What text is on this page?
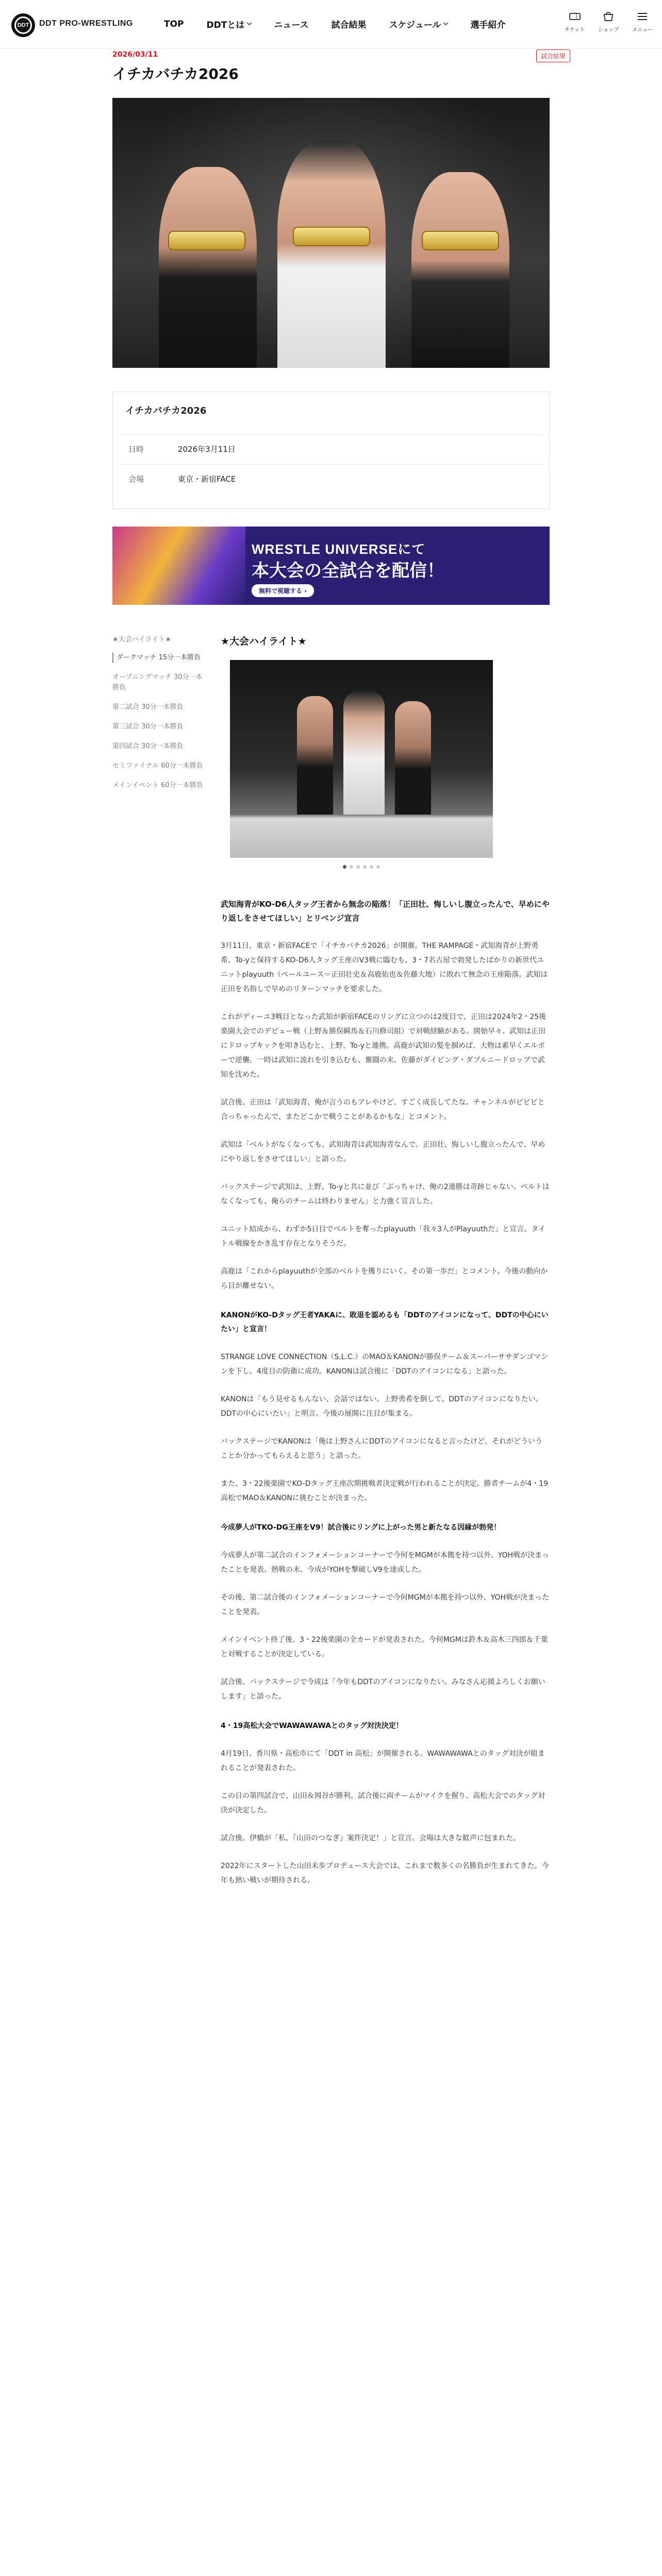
DDT	DDT PRO-WRESTLING	TOP	DDTとは	ニュース	試合結果	スケジュール	選手紹介	チケット	ショップ	メニュー
2026/03/11	試合結果
イチカバチカ2026
イチカバチカ2026
日時	2026年3月11日
会場	東京・新宿FACE
WRESTLE UNIVERSEにて
本大会の全試合を配信！
無料で視聴する ›
▶
UNIVERSE
★大会ハイライト★
ダークマッチ 15分一本勝負
オープニングマッチ 30分一本勝負
第二試合 30分一本勝負
第三試合 30分一本勝負
第四試合 30分一本勝負
セミファイナル 60分一本勝負
メインイベント 60分一本勝負
★大会ハイライト★

武知海青がKO-D6人タッグ王者から無念の陥落！「正田壮、悔しいし腹立ったんで、早めにやり返しをさせてほしい」とリベンジ宣言

3月11日、東京・新宿FACEで「イチカバチカ2026」が開催。THE RAMPAGE・武知海青が上野勇希、To-yと保持するKO-D6人タッグ王座のV3戦に臨むも、3・7名古屋で勃発したばかりの新世代ユニットplayuuth（ペールユース＝正田壮史＆高鹿佑也＆佐藤大地）に敗れて無念の王座陥落。武知は正田を名指しで早めのリターンマッチを要求した。

これがディーユ3戦目となった武知が新宿FACEのリングに立つのは2度目で、正田は2024年2・25後楽園大会でのデビュー戦（上野＆勝俣瞬馬＆石川修司組）で対戦経験がある。開始早々、武知は正田にドロップキックを叩き込むと、上野、To-yと連携。高鹿が武知の髪を掴めば、大物は素早くエルボーで逆襲。一時は武知に流れを引き込むも、奮闘の末、佐藤がダイビング・ダブルニードロップで武知を沈めた。

試合後、正田は「武知海青、俺が言うのもアレやけど、すごく成長してたな。チャンネルがビビビと合っちゃったんで、またどこかで戦うことがあるかもな」とコメント。

武知は「ベルトがなくなっても、武知海青は武知海青なんで。正田壮、悔しいし腹立ったんで、早めにやり返しをさせてほしい」と語った。

バックステージで武知は、上野、To-yと共に並び「ぶっちゃけ、俺の2連勝は奇跡じゃない。ベルトはなくなっても、俺らのチームは終わりません」と力強く宣言した。

ユニット結成から、わずか5日目でベルトを奪ったplayuuth「我々3人がPlayuuthだ」と宣言。タイトル戦線をかき乱す存在となりそうだ。

高鹿は「これからplayuuthが全部のベルトを獲りにいく。その第一歩だ」とコメント。今後の動向から目が離せない。

KANONがKO-Dタッグ王者YAKAに、敗退を認めるも「DDTのアイコンになって、DDTの中心にいたい」と宣言！

STRANGE LOVE CONNECTION（S.L.C.）のMAO＆KANONが勝俣チーム＆スーパーササダンゴマシンを下し、4度目の防衛に成功。KANONは試合後に「DDTのアイコンになる」と語った。

KANONは「もう見せるもんない、会話ではない。上野勇希を倒して、DDTのアイコンになりたい。DDTの中心にいたい」と明言。今後の展開に注目が集まる。

バックステージでKANONは「俺は上野さんにDDTのアイコンになると言ったけど、それがどういうことか分かってもらえると思う」と語った。

また、3・22後楽園でKO-Dタッグ王座次期挑戦者決定戦が行われることが決定。勝者チームが4・19高松でMAO＆KANONに挑むことが決まった。

今成夢人がTKO-DG王座をV9！試合後にリングに上がった男と新たなる因縁が勃発！

今成夢人が第二試合のインフォメーションコーナーで今何をMGMが本拠を持つ以外、YOH戦が決まったことを発表。熱戦の末、今成がYOHを撃破しV9を達成した。

その後、第二試合後のインフォメーションコーナーで今何MGMが本拠を持つ以外、YOH戦が決まったことを発表。

メインイベント終了後、3・22後楽園の全カードが発表された。今何MGMは鈴木＆高木三四郎＆千葉と対戦することが決定している。

試合後、バックステージで今成は「今年もDDTのアイコンになりたい。みなさん応援よろしくお願いします」と語った。

4・19高松大会でWAWAWAWAとのタッグ対決決定！

4月19日、香川県・高松市にて「DDT in 高松」が開催される。WAWAWAWAとのタッグ対決が組まれることが発表された。

この日の第四試合で、山田＆岡谷が勝利。試合後に両チームがマイクを握り、高松大会でのタッグ対決が決定した。

試合後、伊橋が「私、『山田のつなぎ』案件決定！」と宣言。会場は大きな歓声に包まれた。

2022年にスタートした山田未歩プロデュース大会では、これまで数多くの名勝負が生まれてきた。今年も熱い戦いが期待される。
